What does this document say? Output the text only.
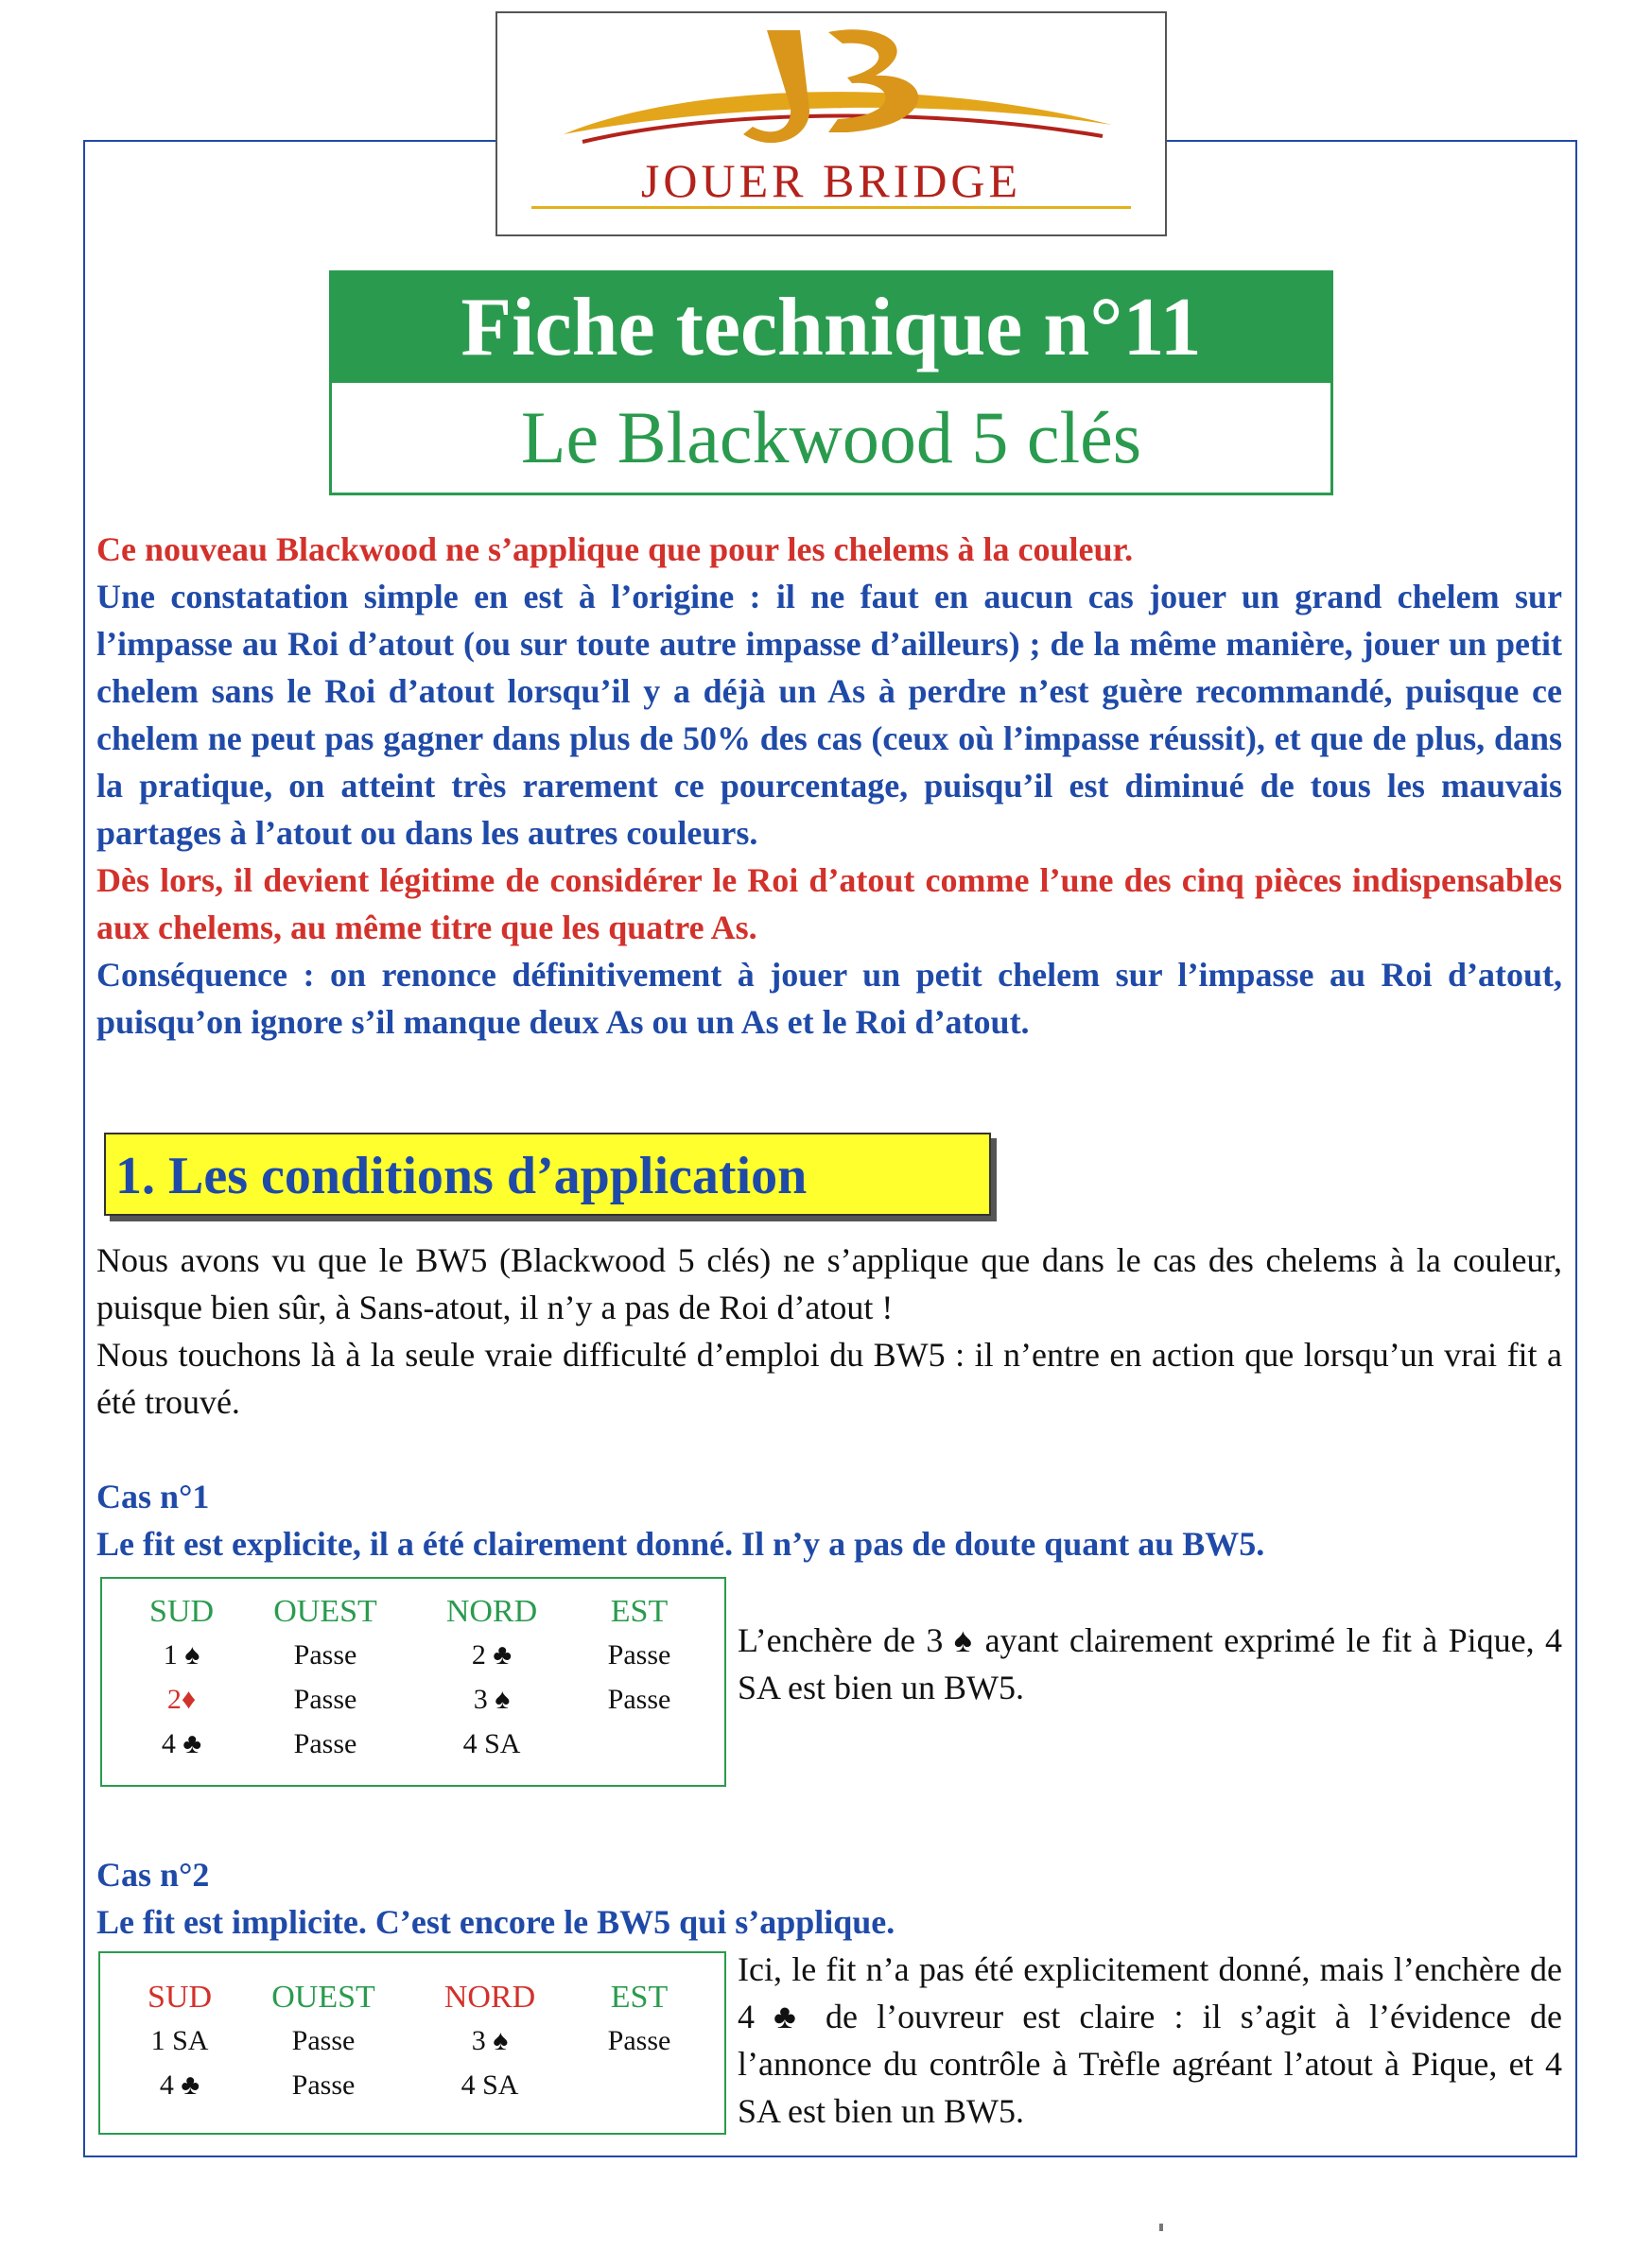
JOUER BRIDGE
Fiche technique n°11
Le Blackwood 5 clés

Ce nouveau Blackwood ne s’applique que pour les chelems à la couleur.

Une constatation simple en est à l’origine : il ne faut en aucun cas jouer un grand chelem sur l’impasse au Roi d’atout (ou sur toute autre impasse d’ailleurs) ; de la même manière, jouer un petit chelem sans le Roi d’atout lorsqu’il y a déjà un As à perdre n’est guère recommandé, puisque ce chelem ne peut pas gagner dans plus de 50% des cas (ceux où l’impasse réussit), et que de plus, dans la pratique, on atteint très rarement ce pourcentage, puisqu’il est diminué de tous les mauvais partages à l’atout ou dans les autres couleurs.

Dès lors, il devient légitime de considérer le Roi d’atout comme l’une des cinq pièces indispensables aux chelems, au même titre que les quatre As.

Conséquence : on renonce définitivement à jouer un petit chelem sur l’impasse au Roi d’atout, puisqu’on ignore s’il manque deux As ou un As et le Roi d’atout.

1. Les conditions d’application

Nous avons vu que le BW5 (Blackwood 5 clés) ne s’applique que dans le cas des chelems à la couleur, puisque bien sûr, à Sans-atout, il n’y a pas de Roi d’atout !

Nous touchons là à la seule vraie difficulté d’emploi du BW5 : il n’entre en action que lorsqu’un vrai fit a été trouvé.

Cas n°1
Le fit est explicite, il a été clairement donné. Il n’y a pas de doute quant au BW5.
SUD	OUEST	NORD	EST
1 ♠	Passe	2 ♣	Passe
2♦	Passe	3 ♠	Passe
4 ♣	Passe	4 SA
L’enchère de 3 ♠ ayant clairement exprimé le fit à Pique, 4 SA est bien un BW5.
Cas n°2
Le fit est implicite. C’est encore le BW5 qui s’applique.
SUD	OUEST	NORD	EST
1 SA	Passe	3 ♠	Passe
4 ♣	Passe	4 SA
Ici, le fit n’a pas été explicitement donné, mais l’enchère de 4 ♣ de l’ouvreur est claire : il s’agit à l’évidence de l’annonce du contrôle à Trèfle agréant l’atout à Pique, et 4 SA est bien un BW5.
